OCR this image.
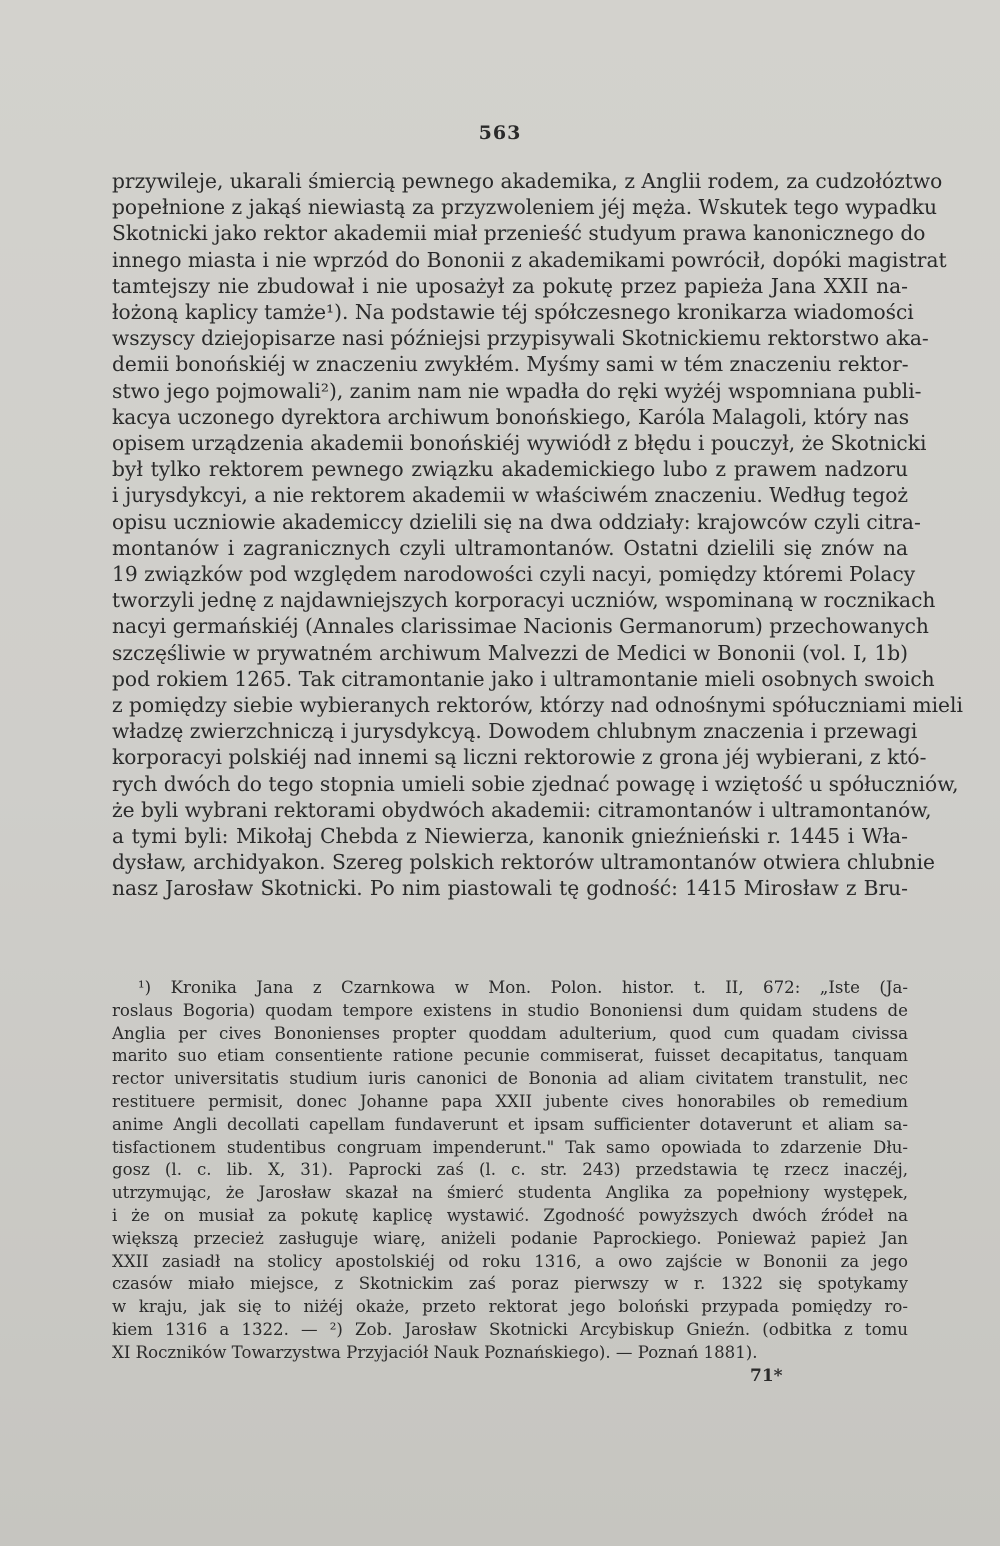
563
przywileje, ukarali śmiercią pewnego akademika, z Anglii rodem, za cudzołóztwo
popełnione z jakąś niewiastą za przyzwoleniem jéj męża. Wskutek tego wypadku
Skotnicki jako rektor akademii miał przenieść studyum prawa kanonicznego do
innego miasta i nie wprzód do Bononii z akademikami powrócił, dopóki magistrat
tamtejszy nie zbudował i nie uposażył za pokutę przez papieża Jana XXII na-
łożoną kaplicy tamże¹). Na podstawie téj spółczesnego kronikarza wiadomości
wszyscy dziejopisarze nasi późniejsi przypisywali Skotnickiemu rektorstwo aka-
demii bonońskiéj w znaczeniu zwykłém. Myśmy sami w tém znaczeniu rektor-
stwo jego pojmowali²), zanim nam nie wpadła do ręki wyżéj wspomniana publi-
kacya uczonego dyrektora archiwum bonońskiego, Karóla Malagoli, który nas
opisem urządzenia akademii bonońskiéj wywiódł z błędu i pouczył, że Skotnicki
był tylko rektorem pewnego związku akademickiego lubo z prawem nadzoru
i jurysdykcyi, a nie rektorem akademii w właściwém znaczeniu. Według tegoż
opisu uczniowie akademiccy dzielili się na dwa oddziały: krajowców czyli citra-
montanów i zagranicznych czyli ultramontanów. Ostatni dzielili się znów na
19 związków pod względem narodowości czyli nacyi, pomiędzy któremi Polacy
tworzyli jednę z najdawniejszych korporacyi uczniów, wspominaną w rocznikach
nacyi germańskiéj (Annales clarissimae Nacionis Germanorum) przechowanych
szczęśliwie w prywatném archiwum Malvezzi de Medici w Bononii (vol. I, 1b)
pod rokiem 1265. Tak citramontanie jako i ultramontanie mieli osobnych swoich
z pomiędzy siebie wybieranych rektorów, którzy nad odnośnymi spółuczniami mieli
władzę zwierzchniczą i jurysdykcyą. Dowodem chlubnym znaczenia i przewagi
korporacyi polskiéj nad innemi są liczni rektorowie z grona jéj wybierani, z któ-
rych dwóch do tego stopnia umieli sobie zjednać powagę i wziętość u spółuczniów,
że byli wybrani rektorami obydwóch akademii: citramontanów i ultramontanów,
a tymi byli: Mikołaj Chebda z Niewierza, kanonik gnieźnieński r. 1445 i Wła-
dysław, archidyakon. Szereg polskich rektorów ultramontanów otwiera chlubnie
nasz Jarosław Skotnicki. Po nim piastowali tę godność: 1415 Mirosław z Bru-
¹) Kronika Jana z Czarnkowa w Mon. Polon. histor. t. II, 672: „Iste (Ja-
roslaus Bogoria) quodam tempore existens in studio Bononiensi dum quidam studens de
Anglia per cives Bononienses propter quoddam adulterium, quod cum quadam civissa
marito suo etiam consentiente ratione pecunie commiserat, fuisset decapitatus, tanquam
rector universitatis studium iuris canonici de Bononia ad aliam civitatem transtulit, nec
restituere permisit, donec Johanne papa XXII jubente cives honorabiles ob remedium
anime Angli decollati capellam fundaverunt et ipsam sufficienter dotaverunt et aliam sa-
tisfactionem studentibus congruam impenderunt." Tak samo opowiada to zdarzenie Dłu-
gosz (l. c. lib. X, 31). Paprocki zaś (l. c. str. 243) przedstawia tę rzecz inaczéj,
utrzymując, że Jarosław skazał na śmierć studenta Anglika za popełniony występek,
i że on musiał za pokutę kaplicę wystawić. Zgodność powyższych dwóch źródeł na
większą przecież zasługuje wiarę, aniżeli podanie Paprockiego. Ponieważ papież Jan
XXII zasiadł na stolicy apostolskiéj od roku 1316, a owo zajście w Bononii za jego
czasów miało miejsce, z Skotnickim zaś poraz pierwszy w r. 1322 się spotykamy
w kraju, jak się to niżéj okaże, przeto rektorat jego boloński przypada pomiędzy ro-
kiem 1316 a 1322. — ²) Zob. Jarosław Skotnicki Arcybiskup Gnieźn. (odbitka z tomu
XI Roczników Towarzystwa Przyjaciół Nauk Poznańskiego). — Poznań 1881).
71*
